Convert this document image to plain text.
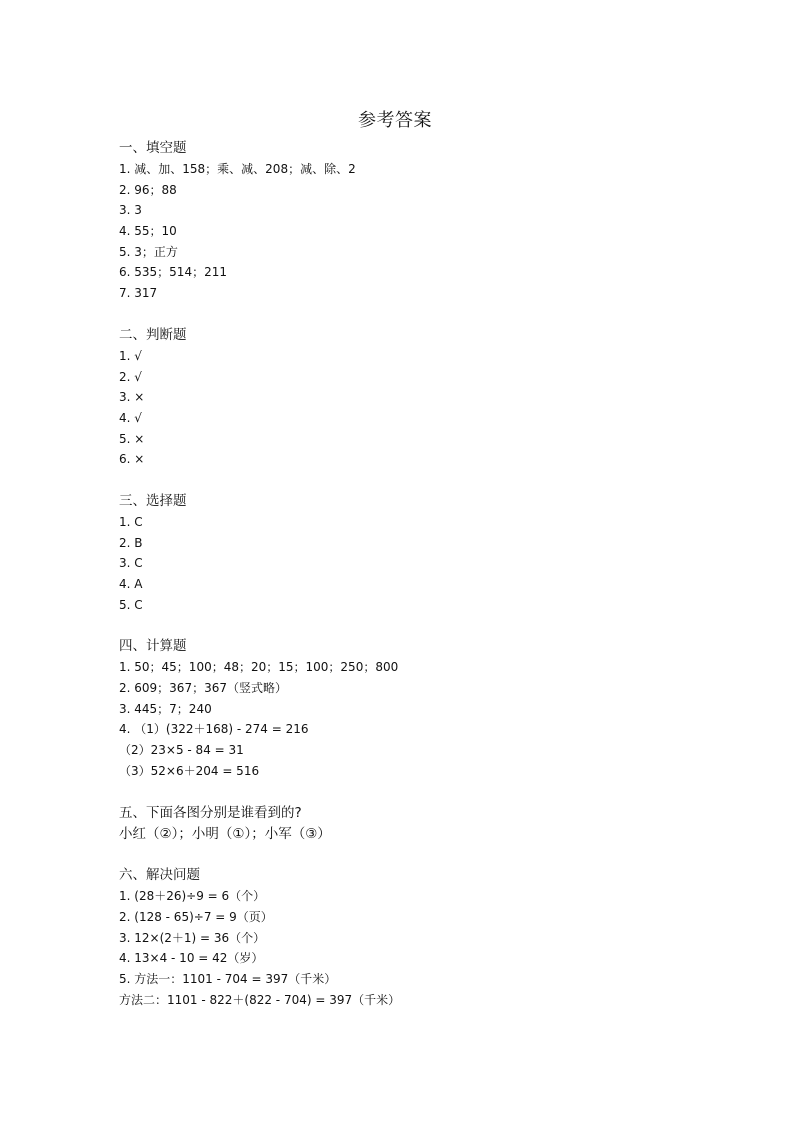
参考答案
一、填空题
1. 减、加、158；乘、减、208；减、除、2
2. 96；88
3. 3
4. 55；10
5. 3；正方
6. 535；514；211
7. 317
二、判断题
1. √
2. √
3. ×
4. √
5. ×
6. ×
三、选择题
1. C
2. B
3. C
4. A
5. C
四、计算题
1. 50；45；100；48；20；15；100；250；800
2. 609；367；367（竖式略）
3. 445；7；240
4. （1）(322＋168) - 274 = 216
（2）23×5 - 84 = 31
（3）52×6＋204 = 516
五、下面各图分别是谁看到的?
小红（②）；小明（①）；小军（③）
六、解决问题
1. (28＋26)÷9 = 6（个）
2. (128 - 65)÷7 = 9（页）
3. 12×(2＋1) = 36（个）
4. 13×4 - 10 = 42（岁）
5. 方法一：1101 - 704 = 397（千米）
方法二：1101 - 822＋(822 - 704) = 397（千米）
